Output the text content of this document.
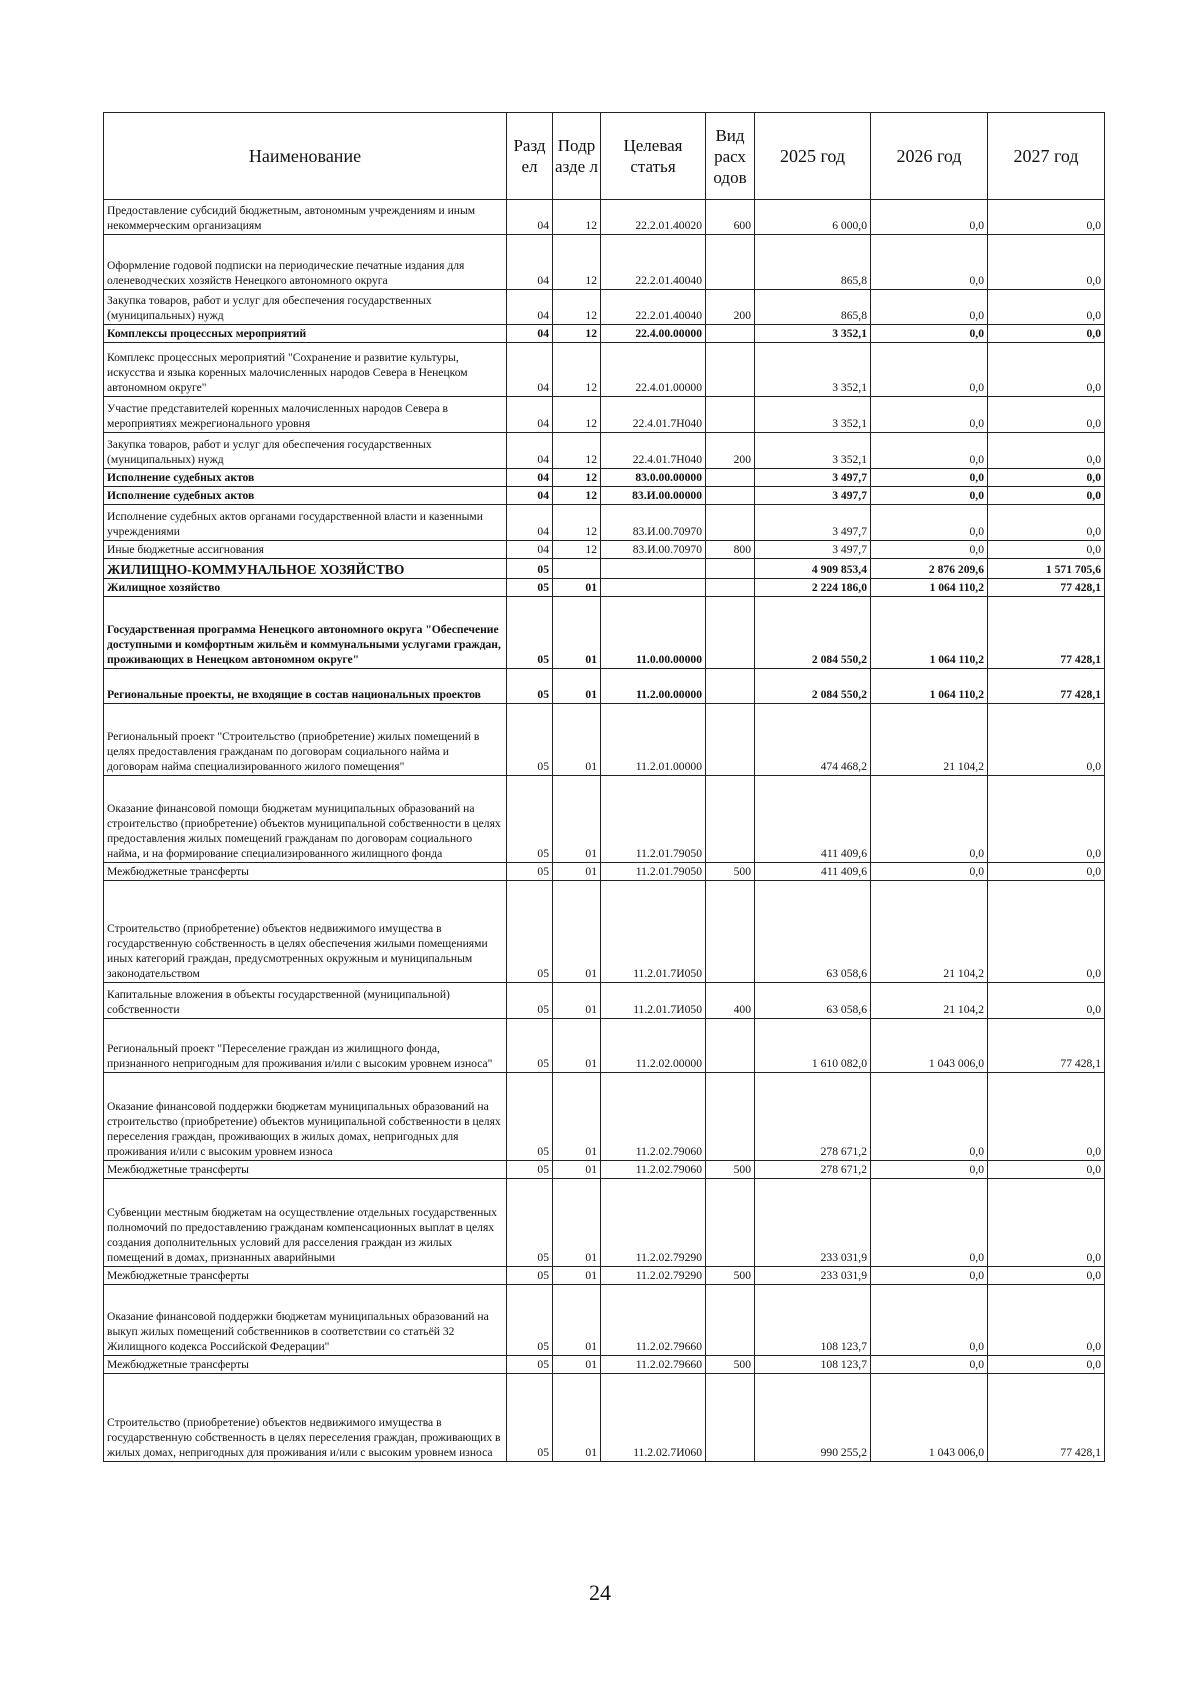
Наименование	Разд ел	Подр азде л	Целевая статья	Вид расх одов	2025 год	2026 год	2027 год
Предоставление субсидий бюджетным, автономным учреждениям и иным некоммерческим организациям	04	12	22.2.01.40020	600	6 000,0	0,0	0,0
Оформление годовой подписки на периодические печатные издания для оленеводческих хозяйств Ненецкого автономного округа	04	12	22.2.01.40040		865,8	0,0	0,0
Закупка товаров, работ и услуг для обеспечения государственных (муниципальных) нужд	04	12	22.2.01.40040	200	865,8	0,0	0,0
Комплексы процессных мероприятий	04	12	22.4.00.00000		3 352,1	0,0	0,0
Комплекс процессных мероприятий "Сохранение и развитие культуры, искусства и языка коренных малочисленных народов Севера в Ненецком автономном округе"	04	12	22.4.01.00000		3 352,1	0,0	0,0
Участие представителей коренных малочисленных народов Севера в мероприятиях межрегионального уровня	04	12	22.4.01.7Н040		3 352,1	0,0	0,0
Закупка товаров, работ и услуг для обеспечения государственных (муниципальных) нужд	04	12	22.4.01.7Н040	200	3 352,1	0,0	0,0
Исполнение судебных актов	04	12	83.0.00.00000		3 497,7	0,0	0,0
Исполнение судебных актов	04	12	83.И.00.00000		3 497,7	0,0	0,0
Исполнение судебных актов органами государственной власти и казенными учреждениями	04	12	83.И.00.70970		3 497,7	0,0	0,0
Иные бюджетные ассигнования	04	12	83.И.00.70970	800	3 497,7	0,0	0,0
ЖИЛИЩНО-КОММУНАЛЬНОЕ ХОЗЯЙСТВО	05				4 909 853,4	2 876 209,6	1 571 705,6
Жилищное хозяйство	05	01			2 224 186,0	1 064 110,2	77 428,1
Государственная программа Ненецкого автономного округа "Обеспечение доступными и комфортным жильём и коммунальными услугами граждан, проживающих в Ненецком автономном округе"	05	01	11.0.00.00000		2 084 550,2	1 064 110,2	77 428,1
Региональные проекты, не входящие в состав национальных проектов	05	01	11.2.00.00000		2 084 550,2	1 064 110,2	77 428,1
Региональный проект "Строительство (приобретение) жилых помещений в целях предоставления гражданам по договорам социального найма и договорам найма специализированного жилого помещения"	05	01	11.2.01.00000		474 468,2	21 104,2	0,0
Оказание финансовой помощи бюджетам муниципальных образований на строительство (приобретение) объектов муниципальной собственности в целях предоставления жилых помещений гражданам по договорам социального найма, и на формирование специализированного жилищного фонда	05	01	11.2.01.79050		411 409,6	0,0	0,0
Межбюджетные трансферты	05	01	11.2.01.79050	500	411 409,6	0,0	0,0
Строительство (приобретение) объектов недвижимого имущества в государственную собственность в целях обеспечения жилыми помещениями иных категорий граждан, предусмотренных окружным и муниципальным законодательством	05	01	11.2.01.7И050		63 058,6	21 104,2	0,0
Капитальные вложения в объекты государственной (муниципальной) собственности	05	01	11.2.01.7И050	400	63 058,6	21 104,2	0,0
Региональный проект "Переселение граждан из жилищного фонда, признанного непригодным для проживания и/или с высоким уровнем износа"	05	01	11.2.02.00000		1 610 082,0	1 043 006,0	77 428,1
Оказание финансовой поддержки бюджетам муниципальных образований на строительство (приобретение) объектов муниципальной собственности в целях переселения граждан, проживающих в жилых домах, непригодных для проживания и/или с высоким уровнем износа	05	01	11.2.02.79060		278 671,2	0,0	0,0
Межбюджетные трансферты	05	01	11.2.02.79060	500	278 671,2	0,0	0,0
Субвенции местным бюджетам на осуществление отдельных государственных полномочий по предоставлению гражданам компенсационных выплат в целях создания дополнительных условий для расселения граждан из жилых помещений в домах, признанных аварийными	05	01	11.2.02.79290		233 031,9	0,0	0,0
Межбюджетные трансферты	05	01	11.2.02.79290	500	233 031,9	0,0	0,0
Оказание финансовой поддержки бюджетам муниципальных образований на выкуп жилых помещений собственников в соответствии со статьёй 32 Жилищного кодекса Российской Федерации"	05	01	11.2.02.79660		108 123,7	0,0	0,0
Межбюджетные трансферты	05	01	11.2.02.79660	500	108 123,7	0,0	0,0
Строительство (приобретение) объектов недвижимого имущества в государственную собственность в целях переселения граждан, проживающих в жилых домах, непригодных для проживания и/или с высоким уровнем износа	05	01	11.2.02.7И060		990 255,2	1 043 006,0	77 428,1
24
